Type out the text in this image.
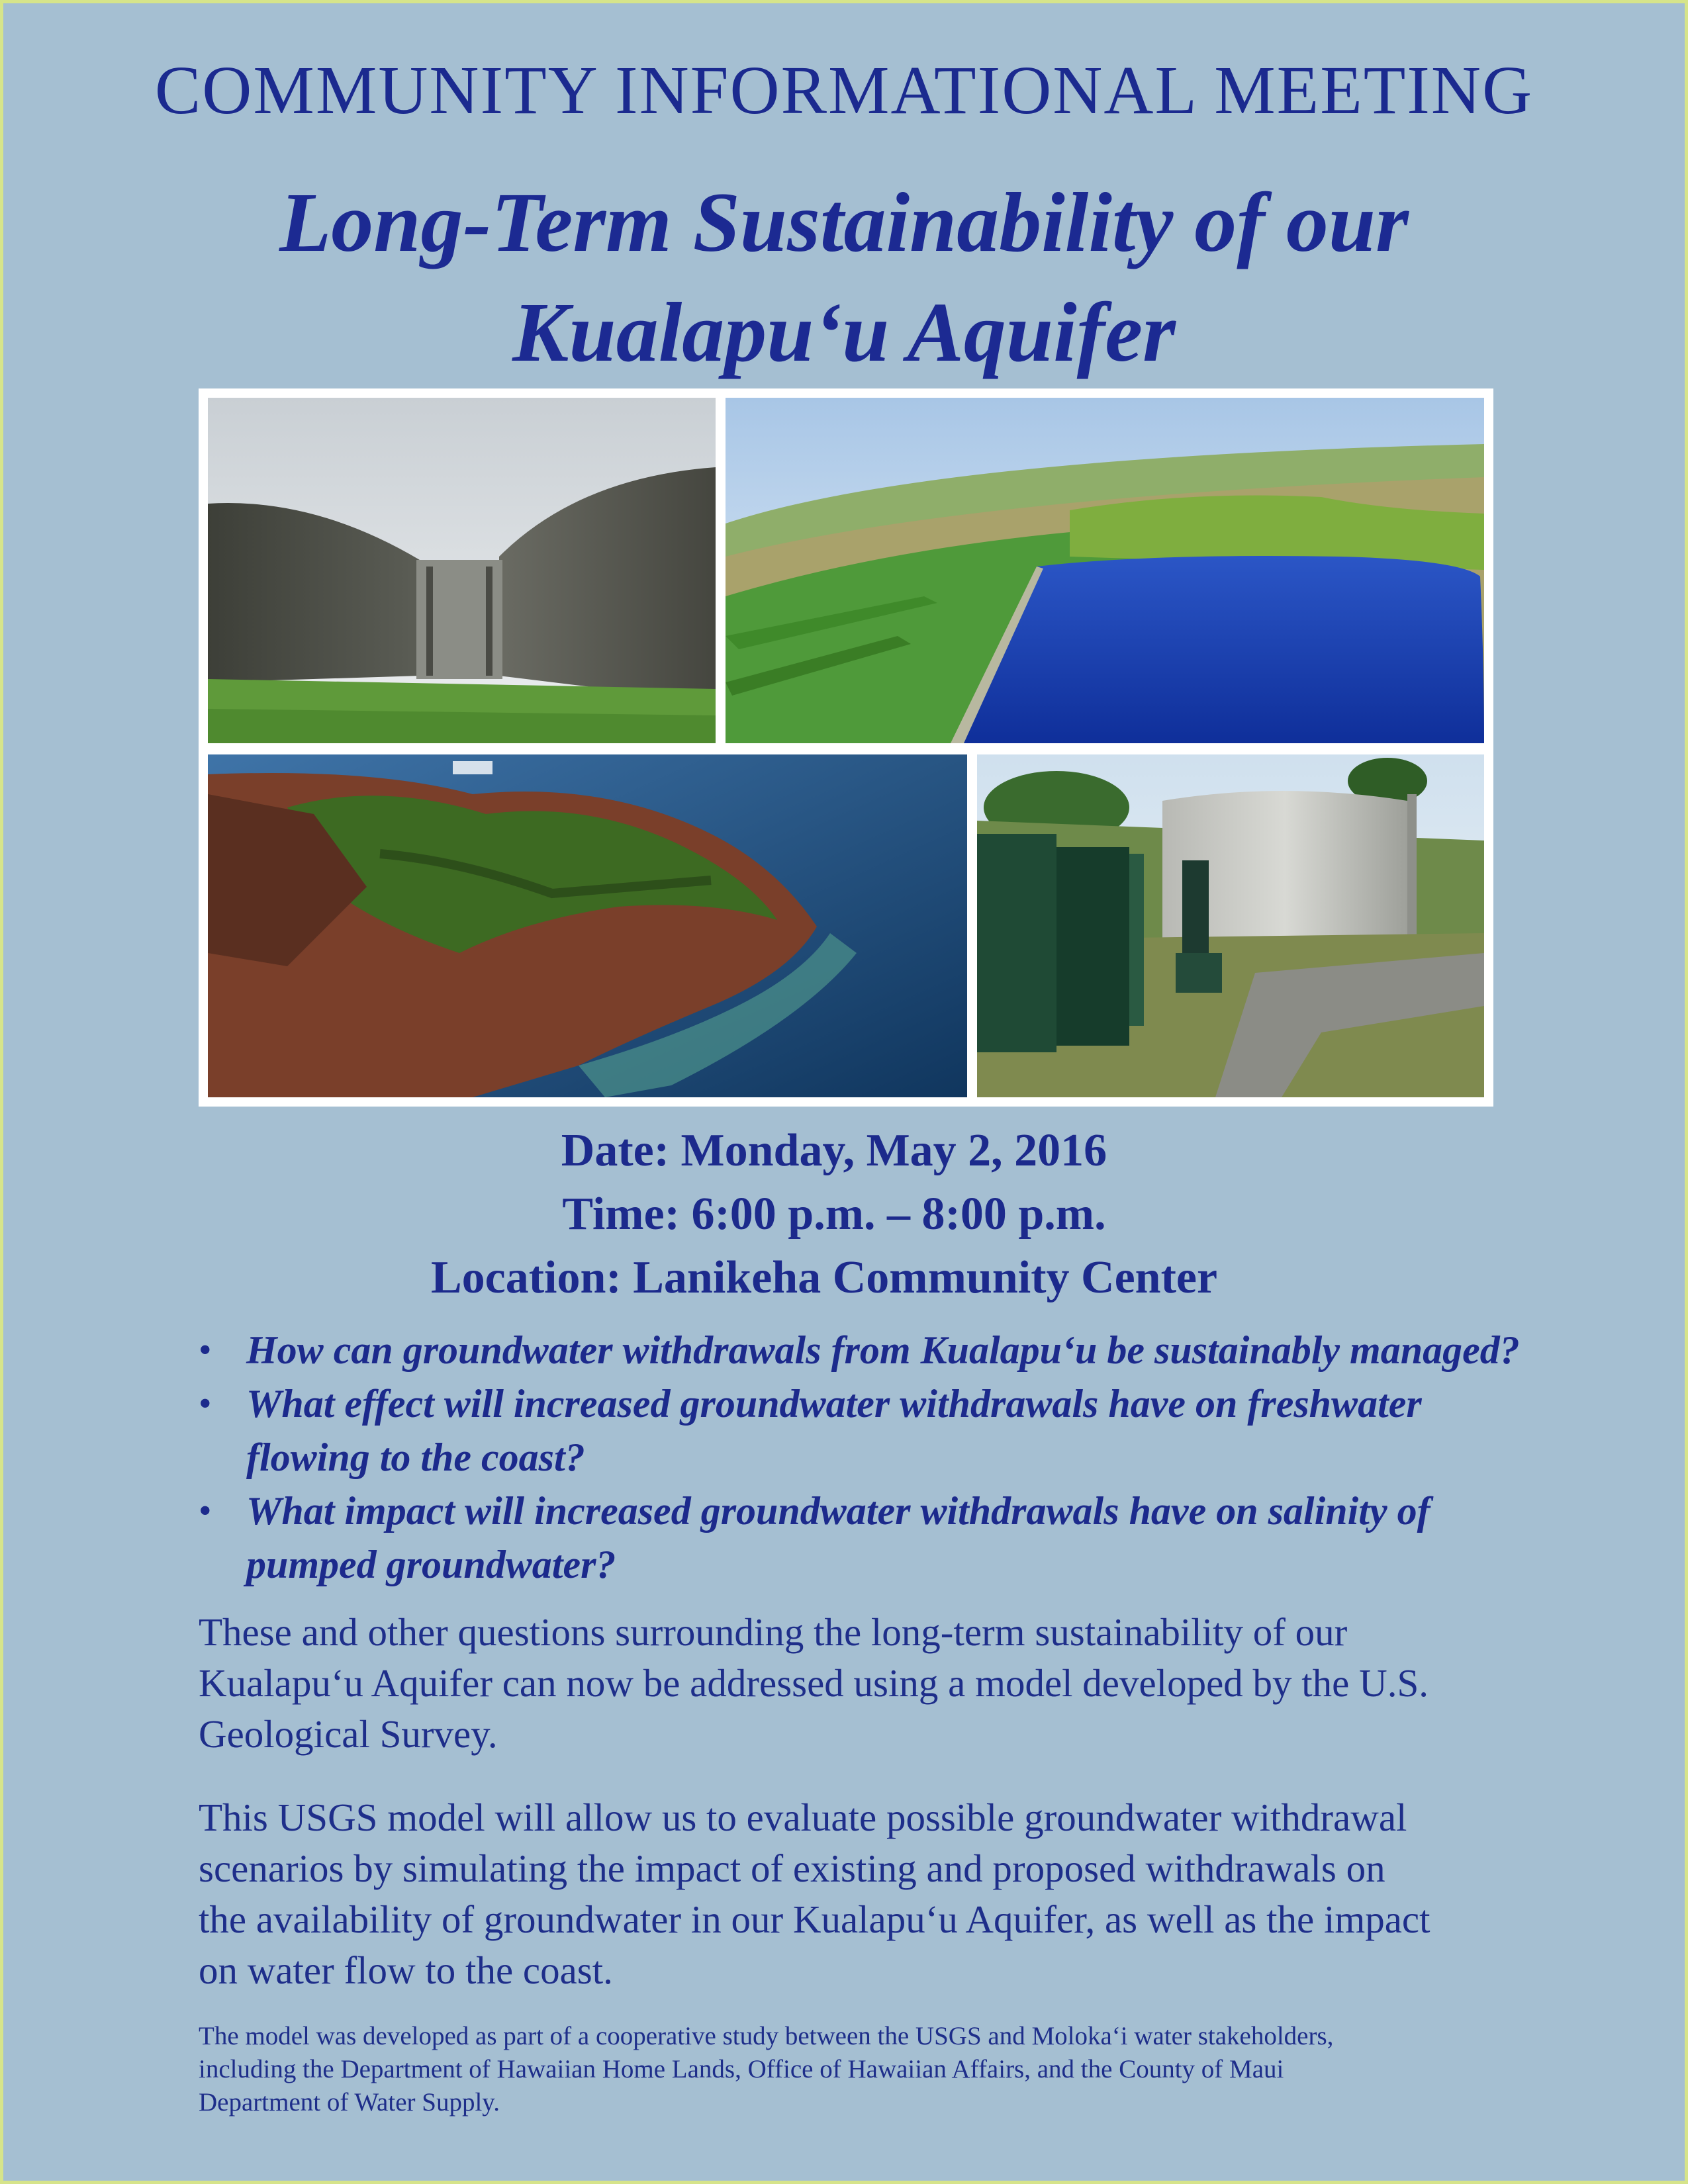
COMMUNITY INFORMATIONAL MEETING
Long-Term Sustainability of our
Kualapu‘u Aquifer
Date: Monday, May 2, 2016
Time: 6:00 p.m. – 8:00 p.m.
Location: Lanikeha Community Center
• How can groundwater withdrawals from Kualapu‘u be sustainably managed?
• What effect will increased groundwater withdrawals have on freshwater
flowing to the coast?
• What impact will increased groundwater withdrawals have on salinity of
pumped groundwater?
These and other questions surrounding the long-term sustainability of our
Kualapu‘u Aquifer can now be addressed using a model developed by the U.S.
Geological Survey.
This USGS model will allow us to evaluate possible groundwater withdrawal
scenarios by simulating the impact of existing and proposed withdrawals on
the availability of groundwater in our Kualapu‘u Aquifer, as well as the impact
on water flow to the coast.
The model was developed as part of a cooperative study between the USGS and Moloka‘i water stakeholders,
including the Department of Hawaiian Home Lands, Office of Hawaiian Affairs, and the County of Maui
Department of Water Supply.
